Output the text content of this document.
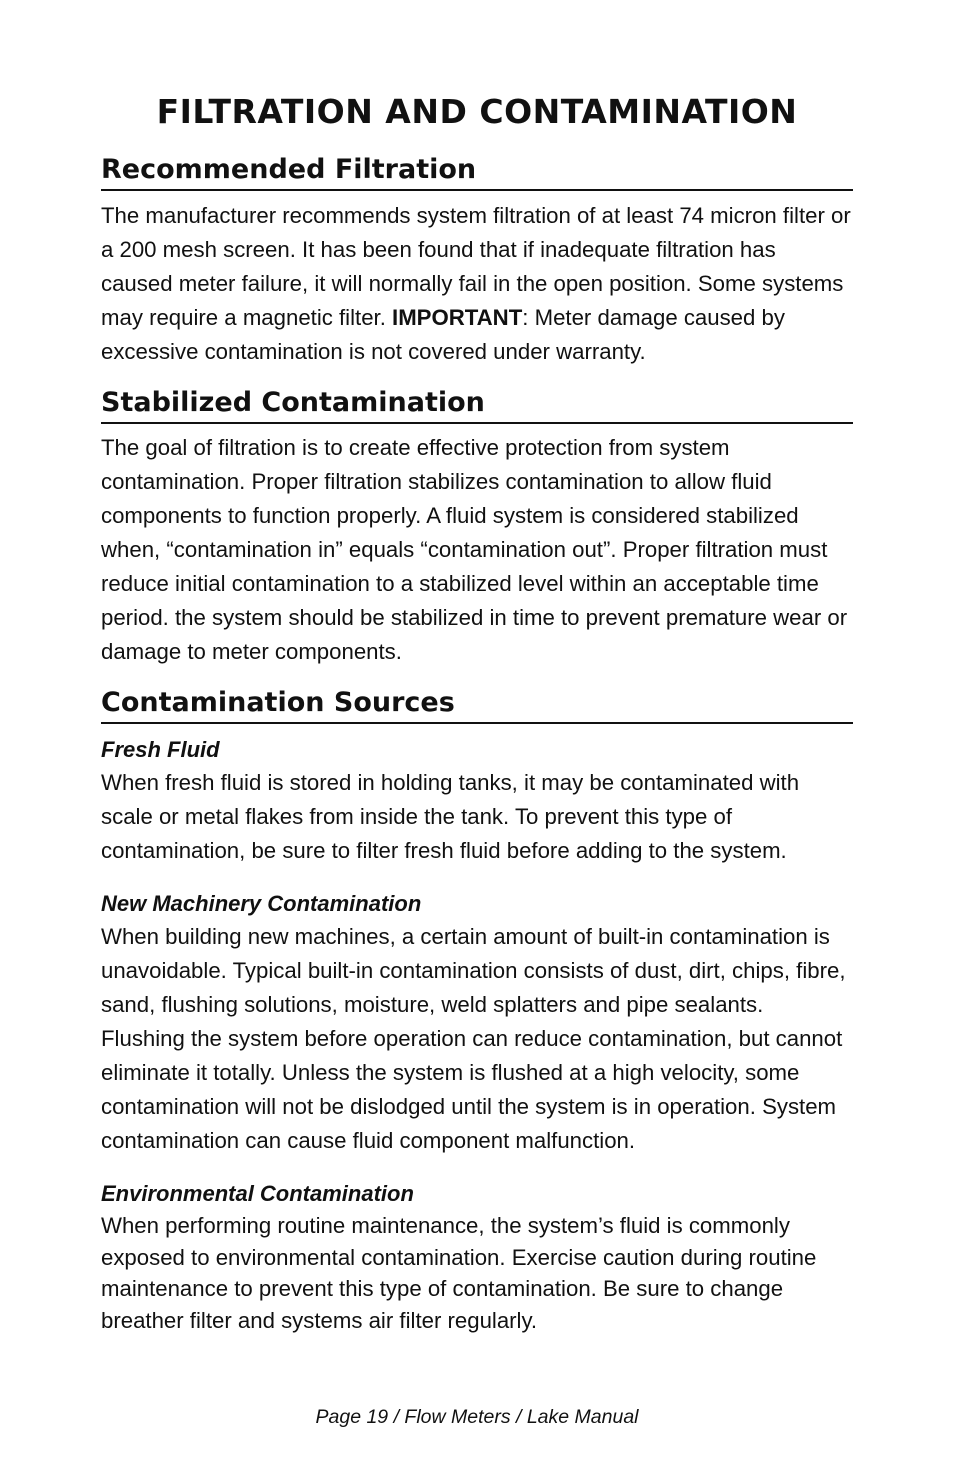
FILTRATION AND CONTAMINATION
Recommended Filtration

The manufacturer recommends system filtration of at least 74 micron filter or a 200 mesh screen. It has been found that if inadequate filtration has caused meter failure, it will normally fail in the open position. Some systems may require a magnetic filter. IMPORTANT: Meter damage caused by excessive contamination is not covered under warranty.

Stabilized Contamination

The goal of filtration is to create effective protection from system contamination. Proper filtration stabilizes contamination to allow fluid components to function properly. A fluid system is considered stabilized when, “contamination in” equals “contamination out”. Proper filtration must reduce initial contamination to a stabilized level within an acceptable time period. the system should be stabilized in time to prevent premature wear or damage to meter components.

Contamination Sources
Fresh Fluid

When fresh fluid is stored in holding tanks, it may be contaminated with scale or metal flakes from inside the tank. To prevent this type of contamination, be sure to filter fresh fluid before adding to the system.

New Machinery Contamination

When building new machines, a certain amount of built-in contamination is unavoidable. Typical built-in contamination consists of dust, dirt, chips, fibre, sand, flushing solutions, moisture, weld splatters and pipe sealants. Flushing the system before operation can reduce contamination, but cannot eliminate it totally. Unless the system is flushed at a high velocity, some contamination will not be dislodged until the system is in operation. System contamination can cause fluid component malfunction.

Environmental Contamination

When performing routine maintenance, the system’s fluid is commonly exposed to environmental contamination. Exercise caution during routine maintenance to prevent this type of contamination. Be sure to change breather filter and systems air filter regularly.

Page 19 / Flow Meters / Lake Manual
